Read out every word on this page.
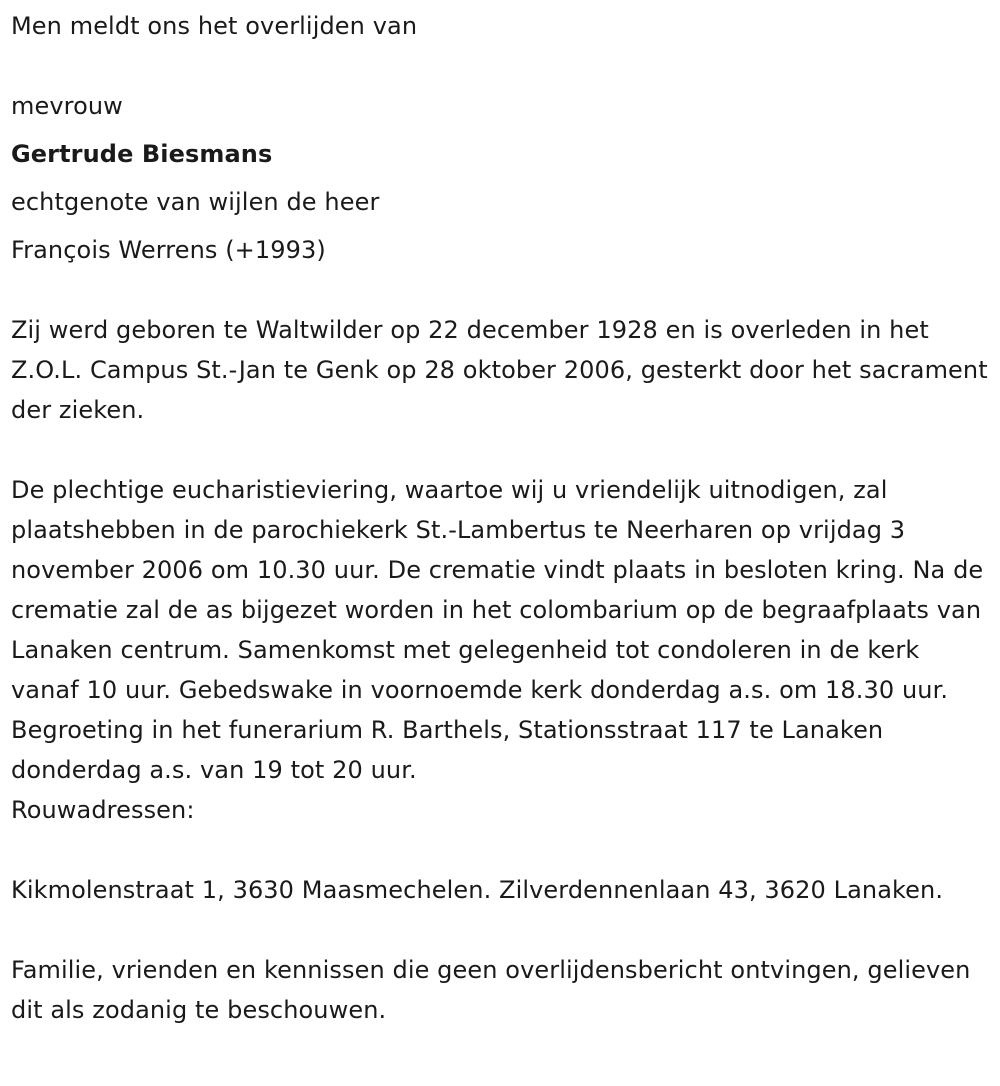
Men meldt ons het overlijden van

mevrouw

Gertrude Biesmans

echtgenote van wijlen de heer

François Werrens (+1993)

Zij werd geboren te Waltwilder op 22 december 1928 en is overleden in het Z.O.L. Campus St.-Jan te Genk op 28 oktober 2006, gesterkt door het sacrament der zieken.

De plechtige eucharistieviering, waartoe wij u vriendelijk uitnodigen, zal plaatshebben in de parochiekerk St.-Lambertus te Neerharen op vrijdag 3 november 2006 om 10.30 uur. De crematie vindt plaats in besloten kring. Na de crematie zal de as bijgezet worden in het colombarium op de begraafplaats van Lanaken centrum. Samenkomst met gelegenheid tot condoleren in de kerk vanaf 10 uur. Gebedswake in voornoemde kerk donderdag a.s. om 18.30 uur. Begroeting in het funerarium R. Barthels, Stationsstraat 117 te Lanaken donderdag a.s. van 19 tot 20 uur.

Rouwadressen:

Kikmolenstraat 1, 3630 Maasmechelen. Zilverdennenlaan 43, 3620 Lanaken.

Familie, vrienden en kennissen die geen overlijdensbericht ontvingen, gelieven dit als zodanig te beschouwen.
